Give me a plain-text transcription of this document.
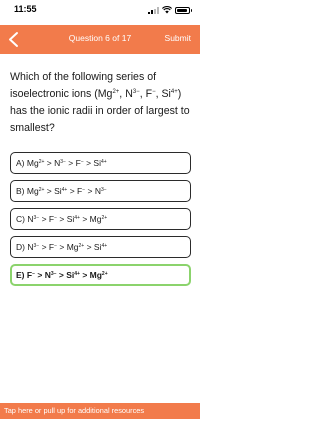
11:55
Question 6 of 17	Submit
Which of the following series of isoelectronic ions ($Mg^{2+}$, $N^{3-}$, F−, $Si^{4+}$) has the ionic radii in order of largest to smallest?
A) $Mg^{2+} > N^{3-} > F^- > Si^{4+}$
B) $Mg^{2+} > Si^{4+} > F^- > N^{3-}$
C) $N^{3-} > F^- > Si^{4+} > Mg^{2+}$
D) $N^{3-} > F^- > Mg^{2+} > Si^{4+}$
E) $F^- > N^{3-} > Si^{4+} > Mg^{2+}$
Tap here or pull up for additional resources
